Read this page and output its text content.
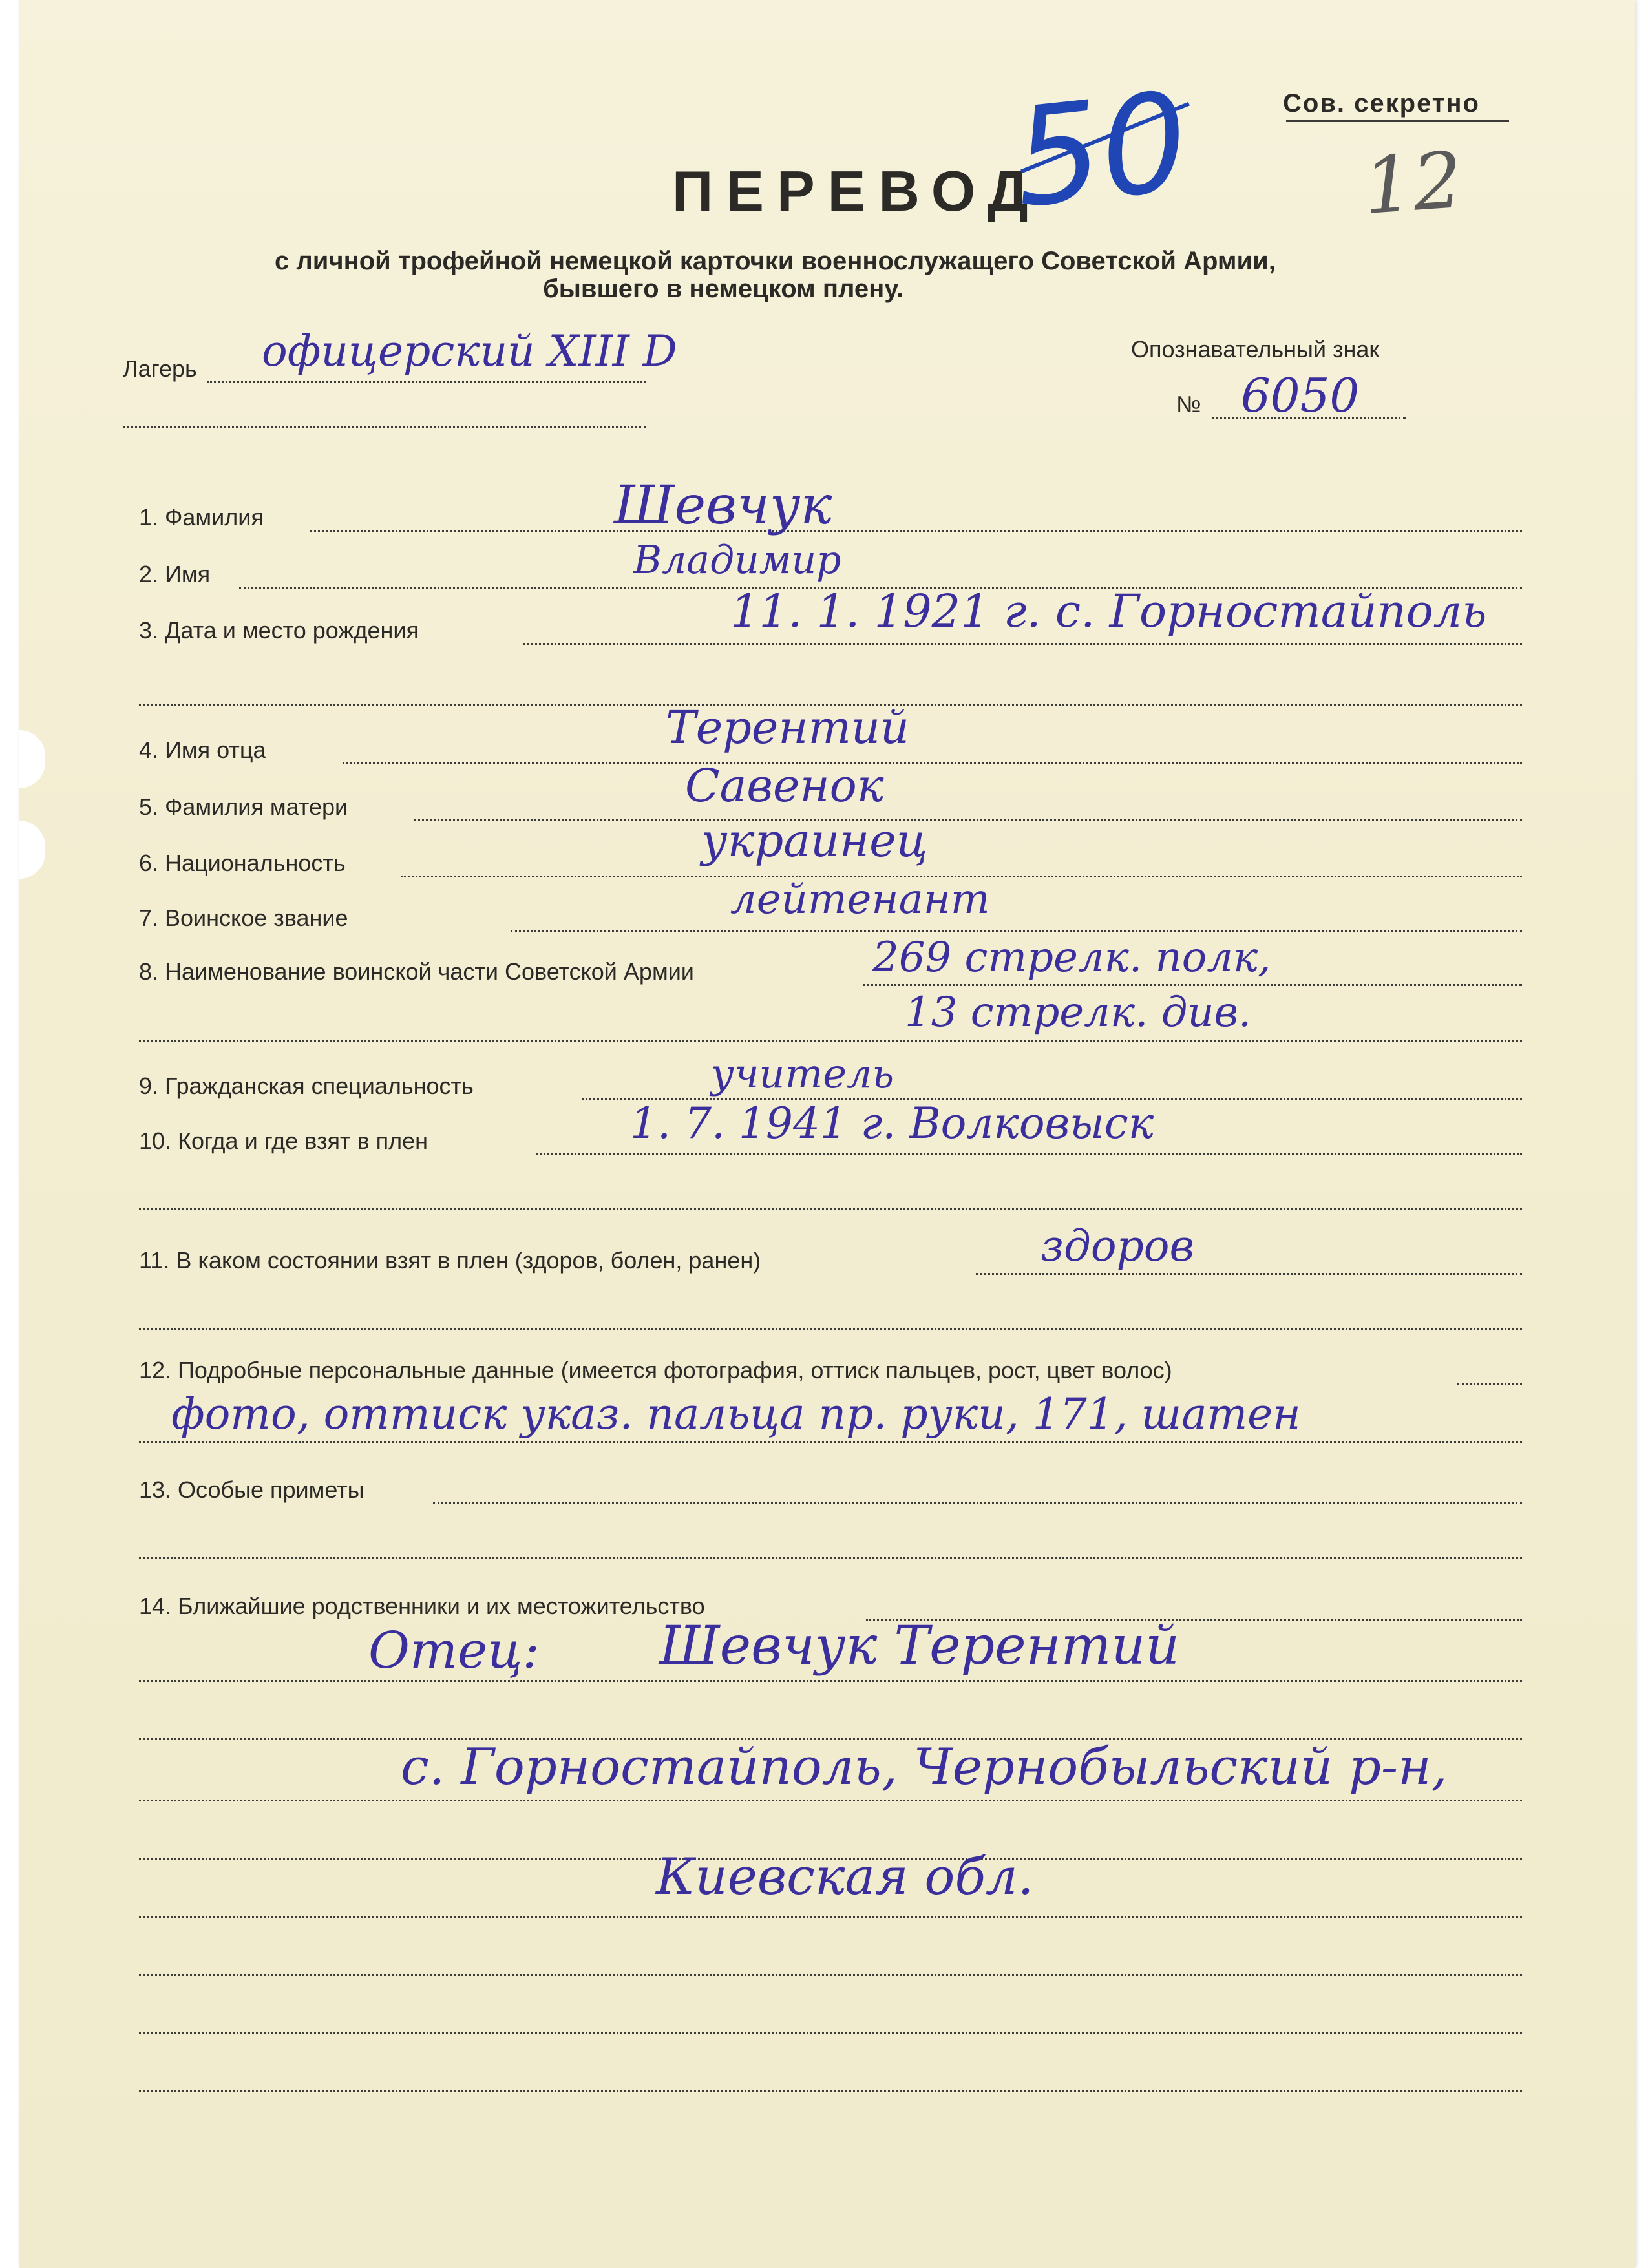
Сов. секретно
ПЕРЕВОД
50 12
с личной трофейной немецкой карточки военнослужащего Советской Армии,
бывшего в немецком плену.
Лагерь офицерский XIII D	Опознавательный знак
№ 6050
1. Фамилия	Шевчук
2. Имя	Владимир
3. Дата и место рождения	11. 1. 1921 г. с. Горностайполь
4. Имя отца	Терентий
5. Фамилия матери	Савенок
6. Национальность	украинец
7. Воинское звание	лейтенант
8. Наименование воинской части Советской Армии	269 стрелк. полк,
13 стрелк. див.
9. Гражданская специальность	учитель
10. Когда и где взят в плен	1. 7. 1941 г. Волковыск
11. В каком состоянии взят в плен (здоров, болен, ранен)	здоров
12. Подробные персональные данные (имеется фотография, оттиск пальцев, рост, цвет волос)
фото, оттиск указ. пальца пр. руки, 171, шатен
13. Особые приметы
14. Ближайшие родственники и их местожительство
Отец: Шевчук Терентий
с. Горностайполь, Чернобыльский р-н,
Киевская обл.
